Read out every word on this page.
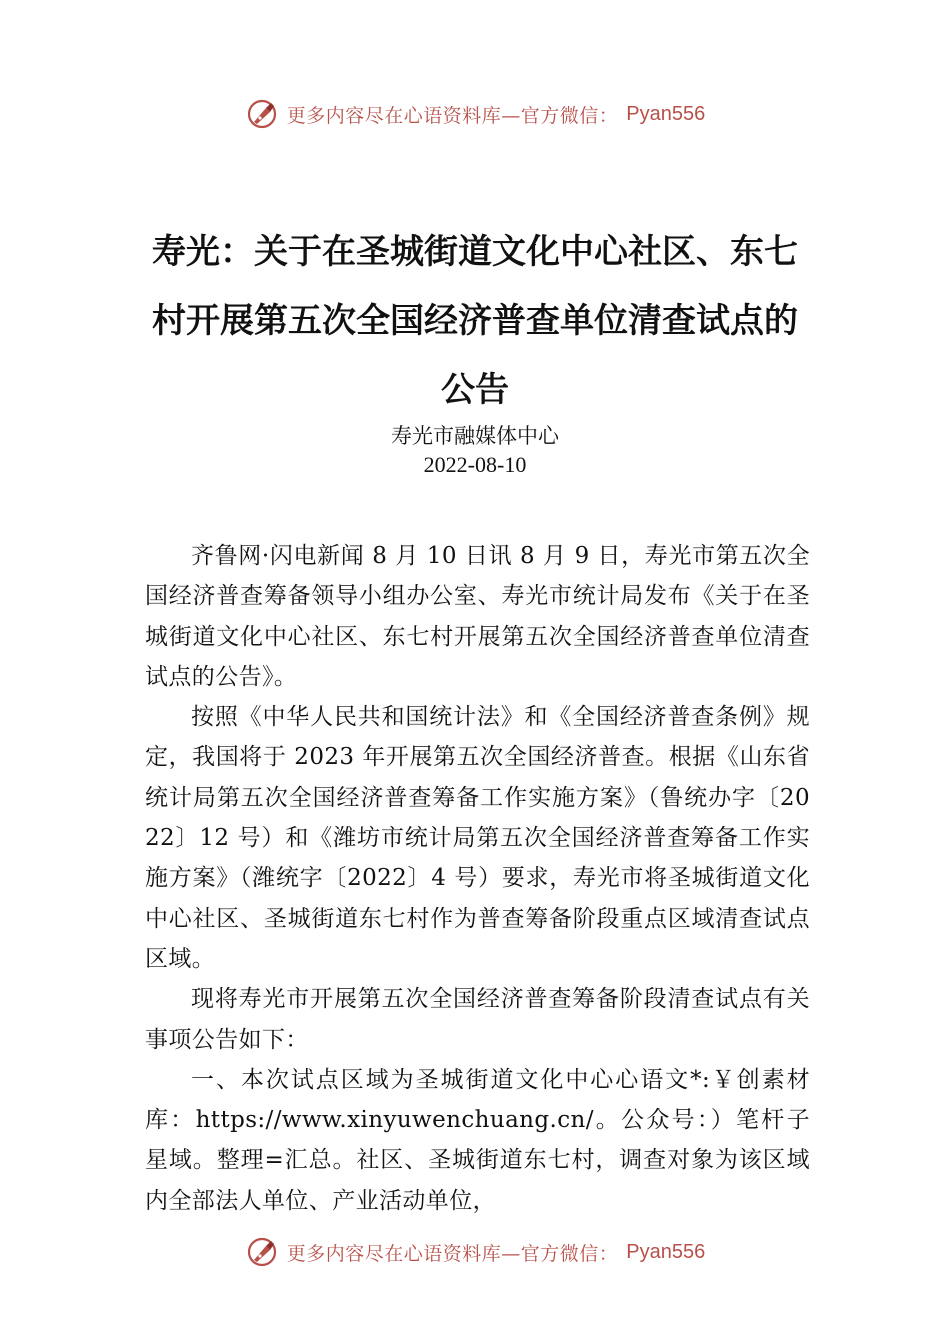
更多内容尽在心语资料库—官方微信： Pyan556
寿光：关于在圣城街道文化中心社区、东七村开展第五次全国经济普查单位清查试点的公告
寿光市融媒体中心
2022-08-10

齐鲁网·闪电新闻 8 月 10 日讯 8 月 9 日，寿光市第五次全国经济普查筹备领导小组办公室、寿光市统计局发布《关于在圣城街道文化中心社区、东七村开展第五次全国经济普查单位清查试点的公告》。

按照《中华人民共和国统计法》和《全国经济普查条例》规定，我国将于 2023 年开展第五次全国经济普查。根据《山东省统计局第五次全国经济普查筹备工作实施方案》（鲁统办字〔2022〕12 号）和《潍坊市统计局第五次全国经济普查筹备工作实施方案》（潍统字〔2022〕4 号）要求，寿光市将圣城街道文化中心社区、圣城街道东七村作为普查筹备阶段重点区域清查试点区域。

现将寿光市开展第五次全国经济普查筹备阶段清查试点有关事项公告如下：

一、本次试点区域为圣城街道文化中心心语文*:￥创素材库：https://www.xinyuwenchuang.cn/。公众号：）笔杆子星域。整理=汇总。社区、圣城街道东七村，调查对象为该区域内全部法人单位、产业活动单位，

更多内容尽在心语资料库—官方微信： Pyan556
